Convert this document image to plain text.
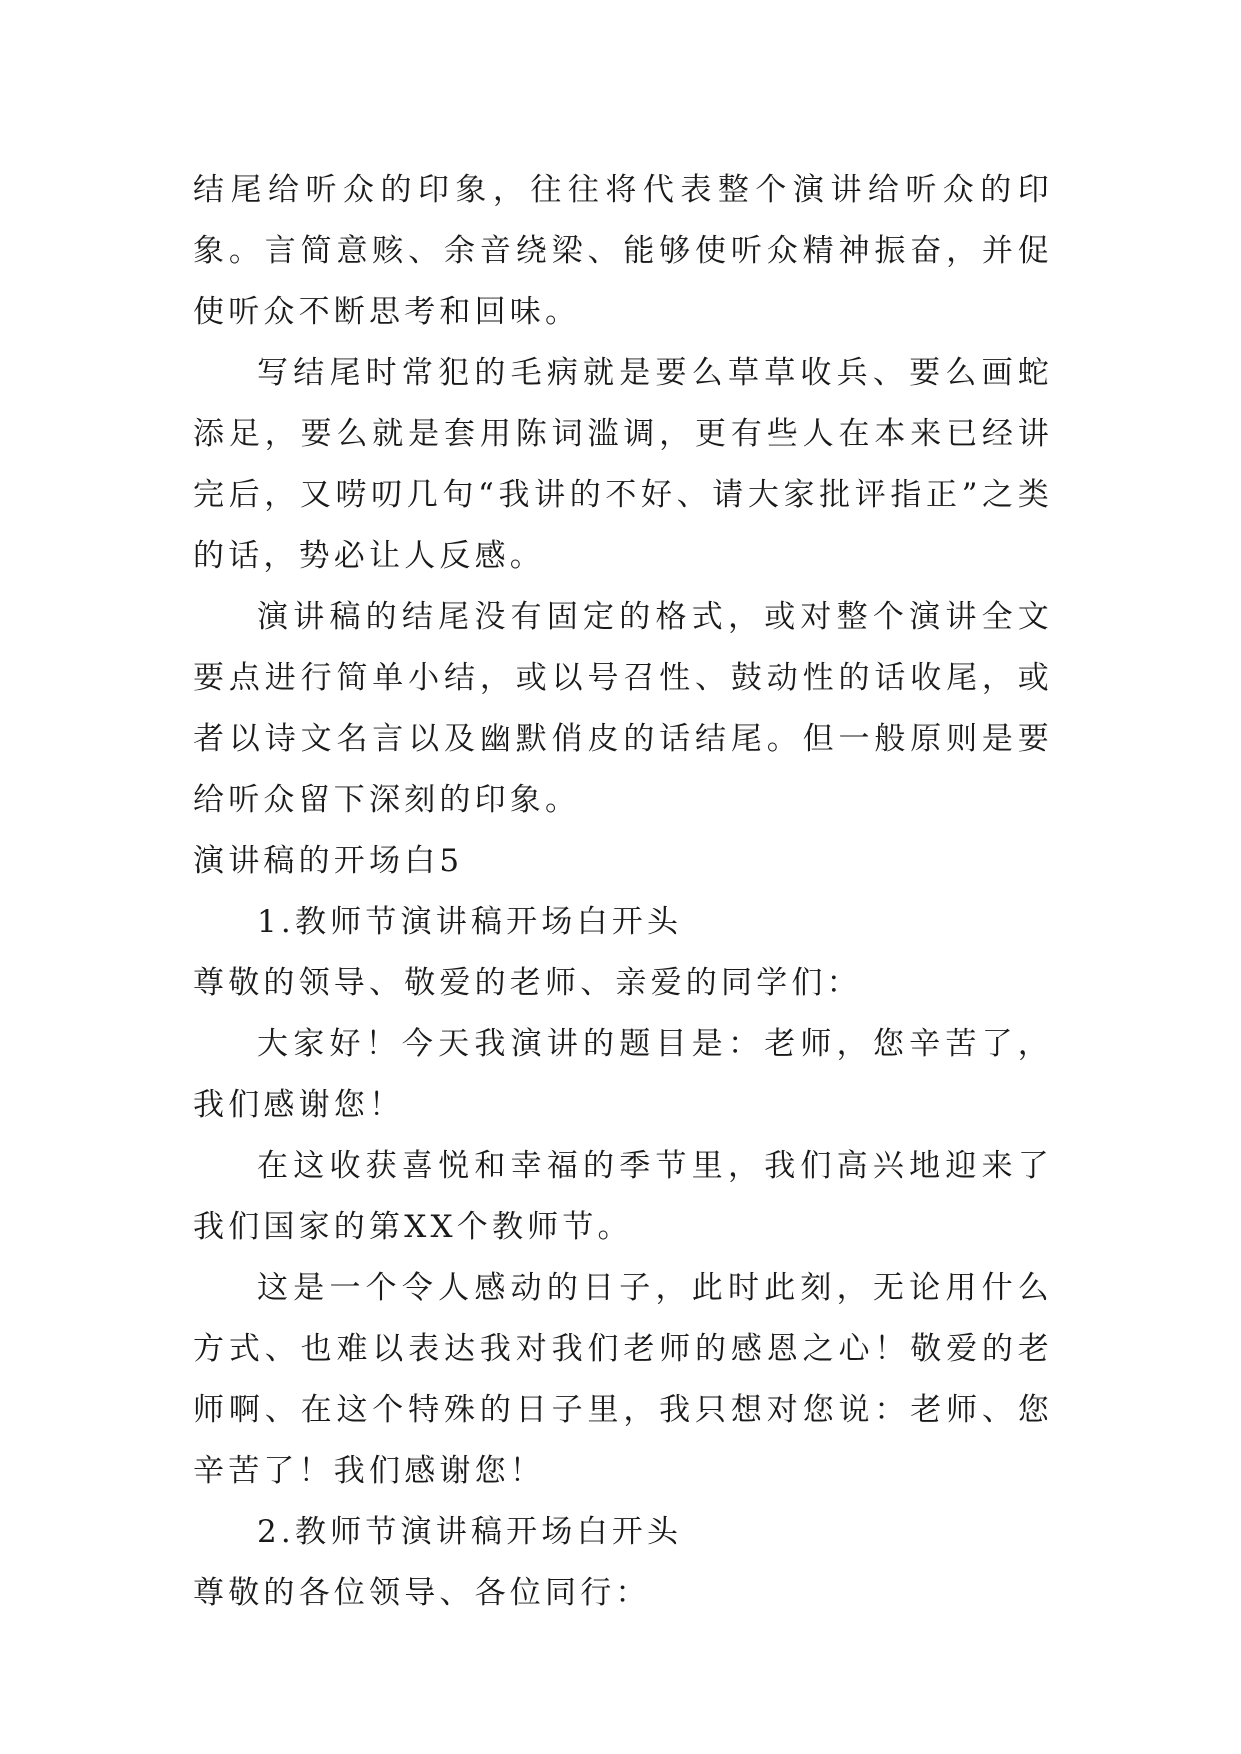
结尾给听众的印象，往往将代表整个演讲给听众的印象。言简意赅、余音绕梁、能够使听众精神振奋，并促使听众不断思考和回味。

写结尾时常犯的毛病就是要么草草收兵、要么画蛇添足，要么就是套用陈词滥调，更有些人在本来已经讲完后，又唠叨几句“我讲的不好、请大家批评指正”之类的话，势必让人反感。

演讲稿的结尾没有固定的格式，或对整个演讲全文要点进行简单小结，或以号召性、鼓动性的话收尾，或者以诗文名言以及幽默俏皮的话结尾。但一般原则是要给听众留下深刻的印象。

演讲稿的开场白5

1.教师节演讲稿开场白开头

尊敬的领导、敬爱的老师、亲爱的同学们：

大家好！今天我演讲的题目是：老师，您辛苦了，我们感谢您！

在这收获喜悦和幸福的季节里，我们高兴地迎来了我们国家的第XX个教师节。

这是一个令人感动的日子，此时此刻，无论用什么方式、也难以表达我对我们老师的感恩之心！敬爱的老师啊、在这个特殊的日子里，我只想对您说：老师、您辛苦了！我们感谢您！

2.教师节演讲稿开场白开头

尊敬的各位领导、各位同行：
